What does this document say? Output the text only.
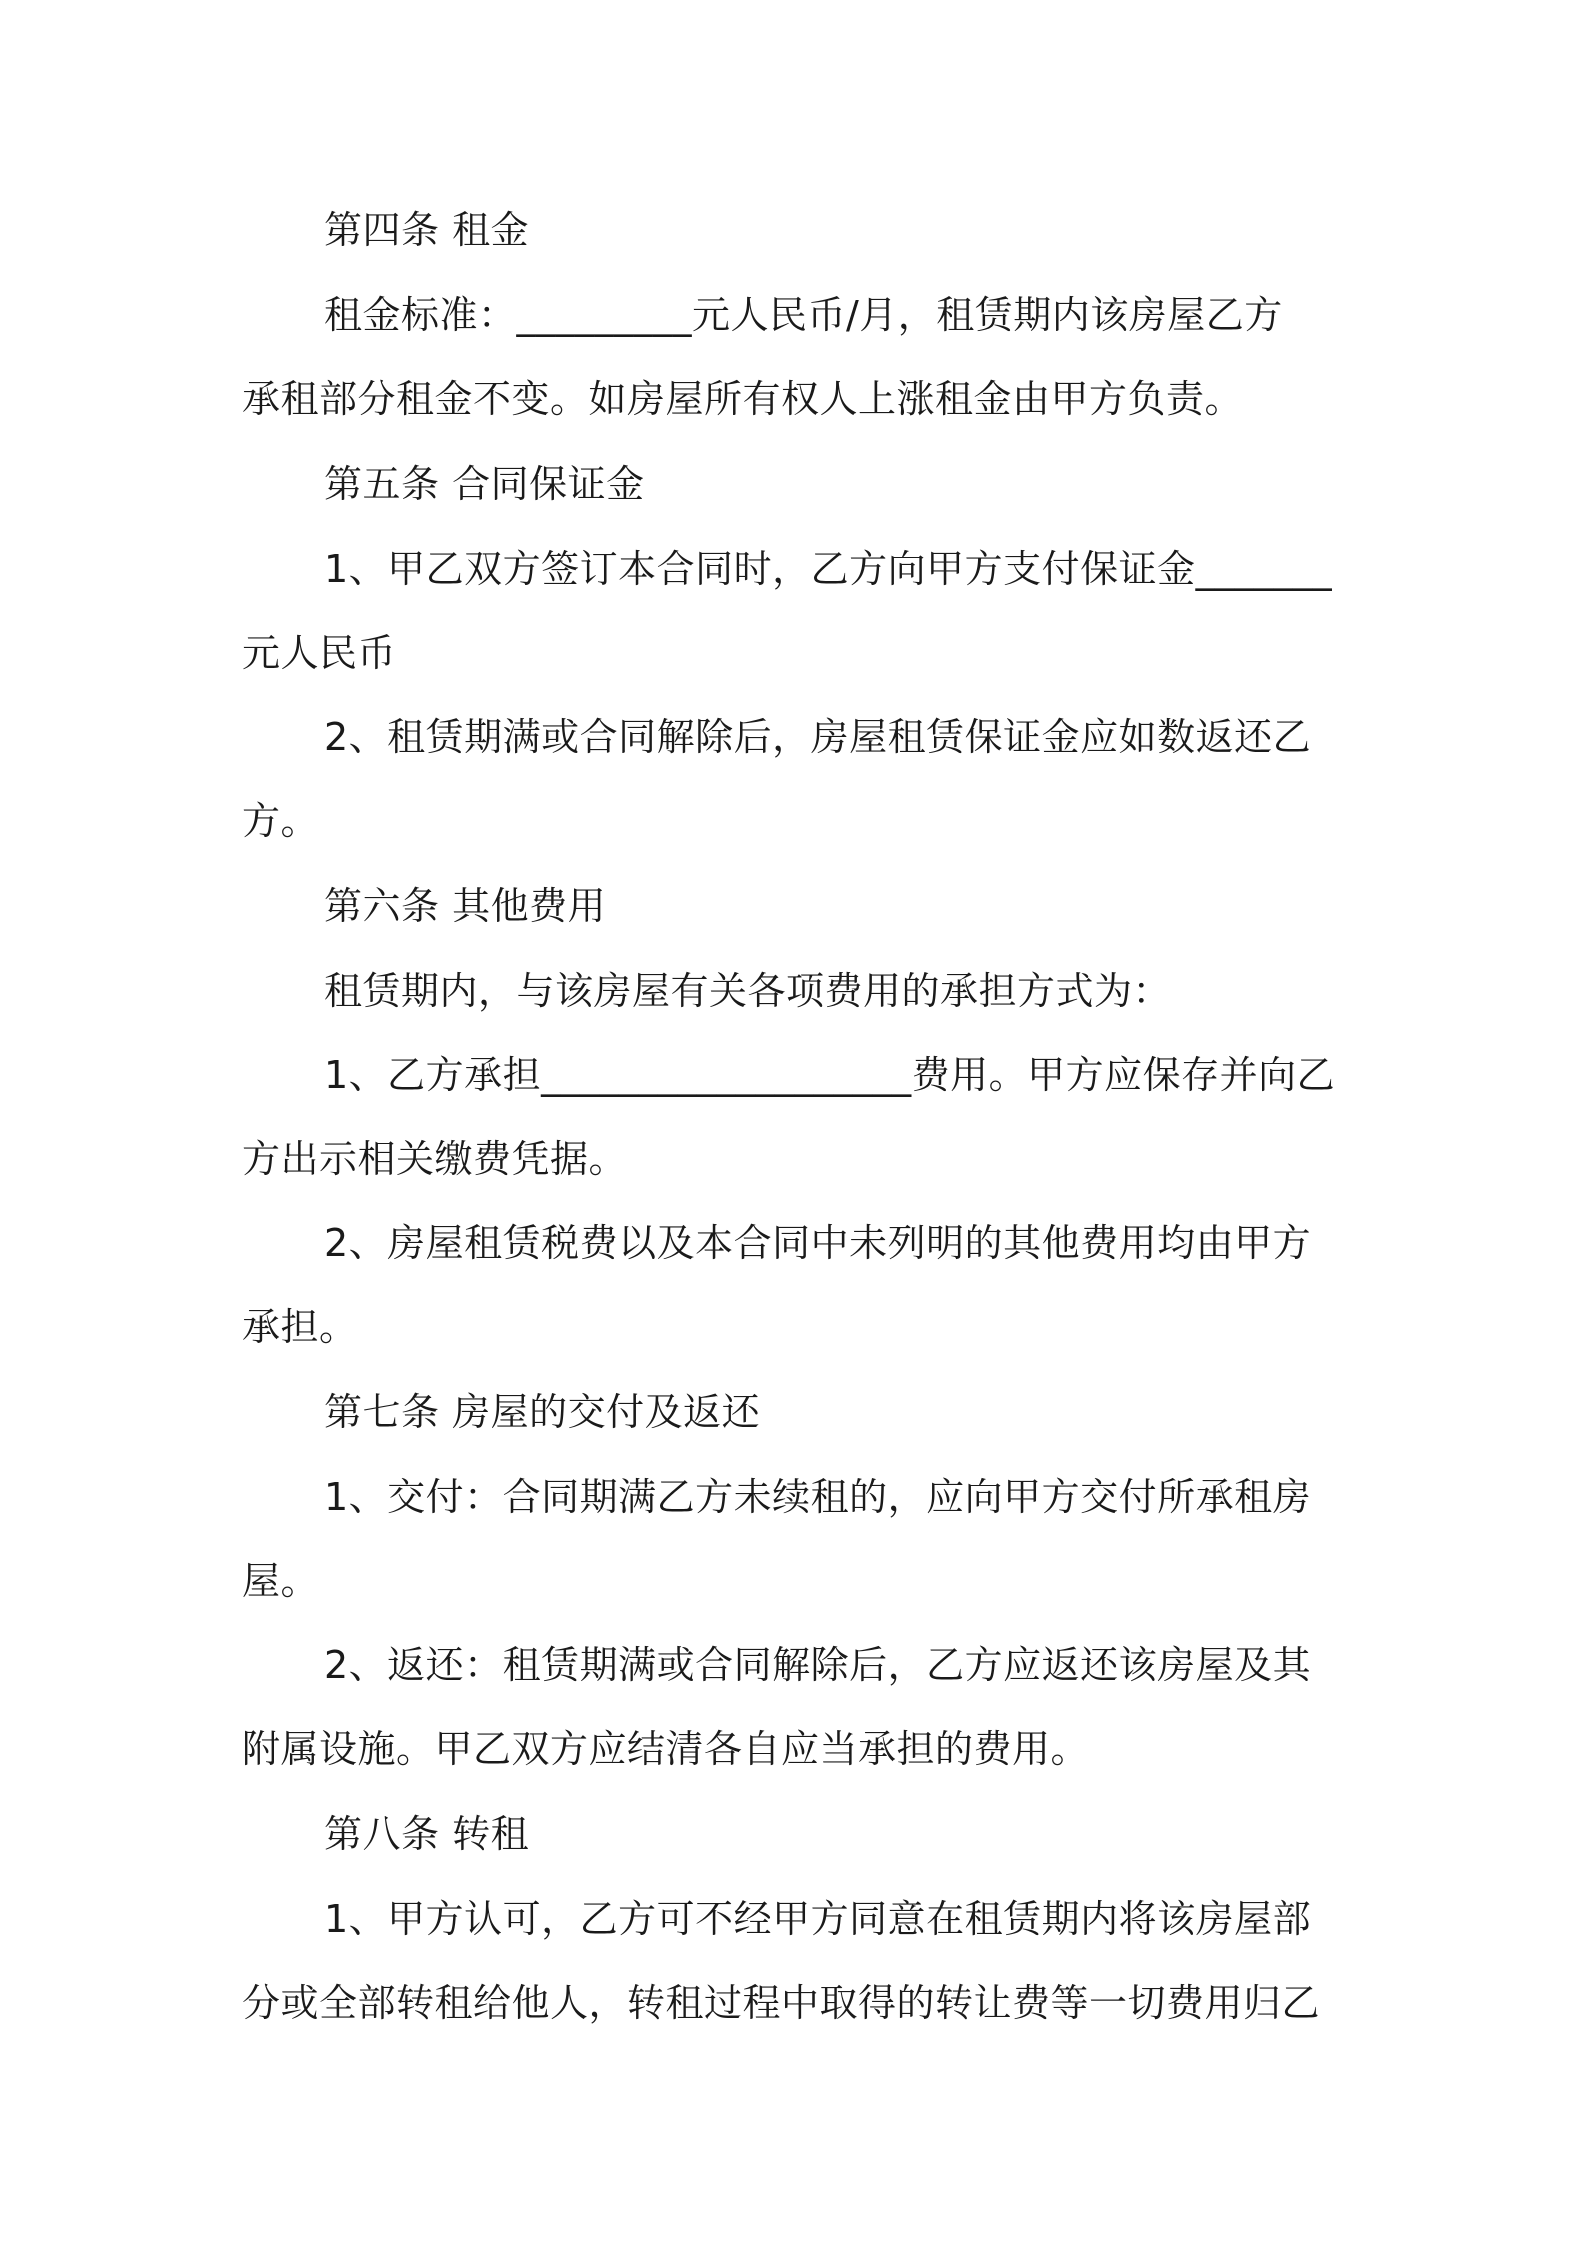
第四条 租金
租金标准：_________元人民币/月，租赁期内该房屋乙方
承租部分租金不变。如房屋所有权人上涨租金由甲方负责。
第五条 合同保证金
1、甲乙双方签订本合同时，乙方向甲方支付保证金_______
元人民币
2、租赁期满或合同解除后，房屋租赁保证金应如数返还乙
方。
第六条 其他费用
租赁期内，与该房屋有关各项费用的承担方式为：
1、乙方承担___________________费用。甲方应保存并向乙
方出示相关缴费凭据。
2、房屋租赁税费以及本合同中未列明的其他费用均由甲方
承担。
第七条 房屋的交付及返还
1、交付：合同期满乙方未续租的，应向甲方交付所承租房
屋。
2、返还：租赁期满或合同解除后，乙方应返还该房屋及其
附属设施。甲乙双方应结清各自应当承担的费用。
第八条 转租
1、甲方认可，乙方可不经甲方同意在租赁期内将该房屋部
分或全部转租给他人，转租过程中取得的转让费等一切费用归乙
